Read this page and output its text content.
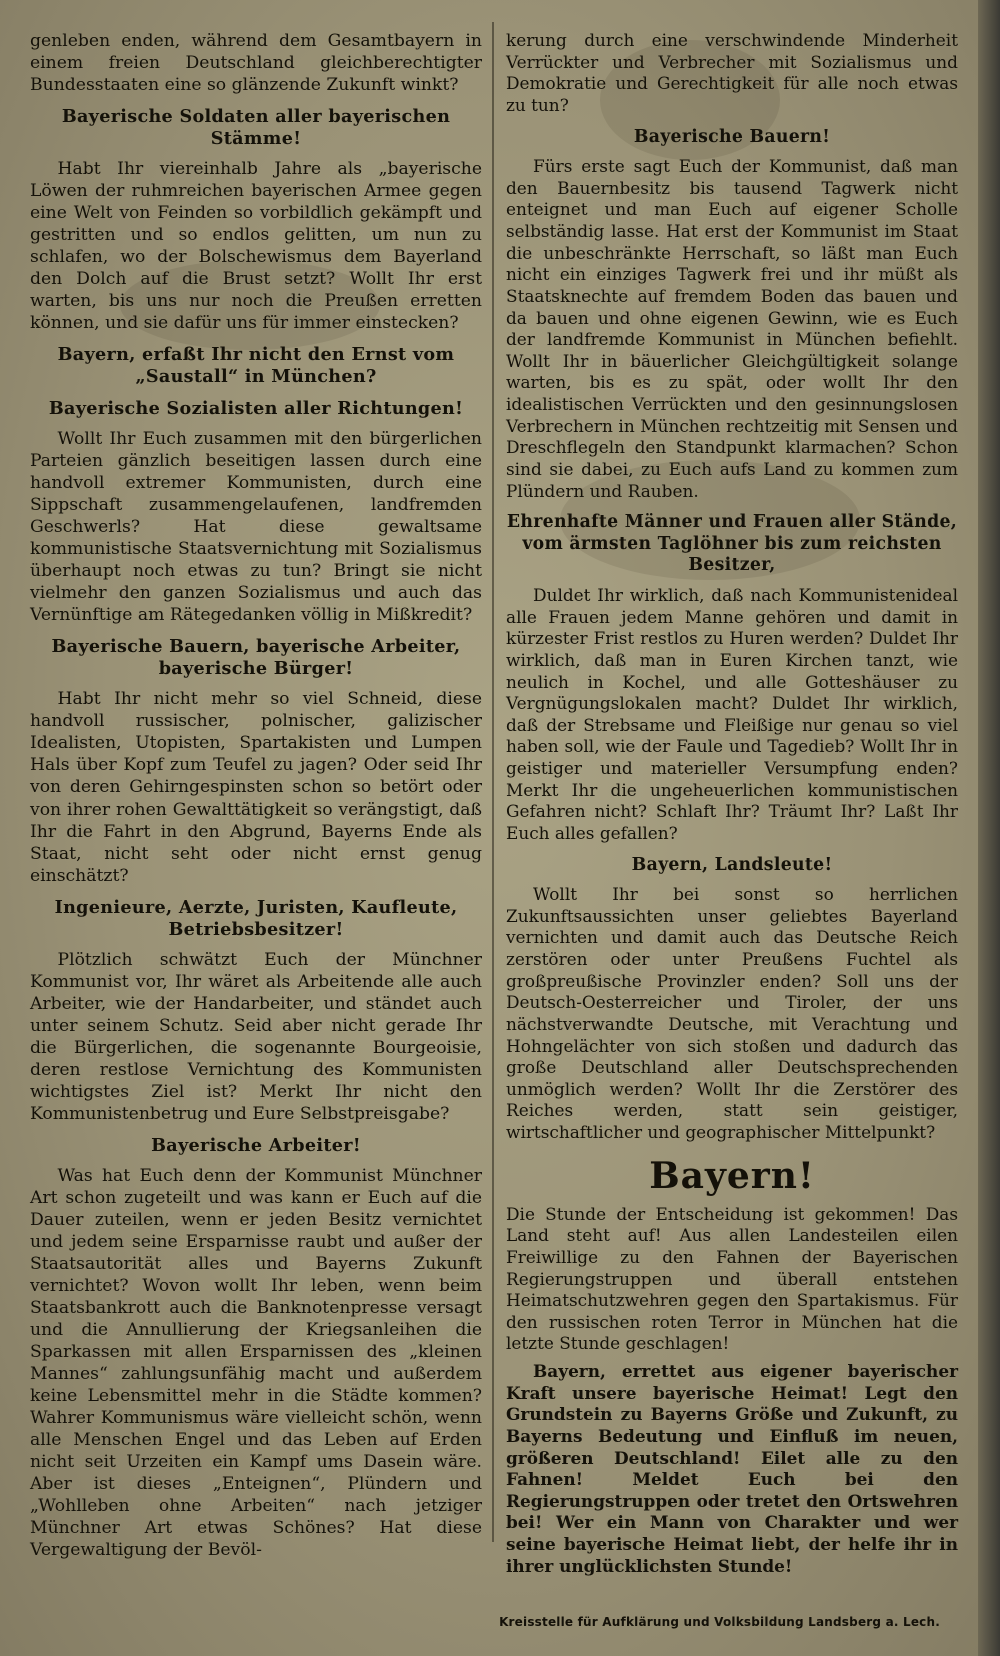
genleben enden, während dem Gesamtbayern in einem freien Deutschland gleichberechtigter Bundesstaaten eine so glänzende Zukunft winkt?

Bayerische Soldaten aller bayerischen Stämme!

Habt Ihr viereinhalb Jahre als „bayerische Löwen der ruhmreichen bayerischen Armee gegen eine Welt von Feinden so vorbildlich gekämpft und gestritten und so endlos gelitten, um nun zu schlafen, wo der Bolschewismus dem Bayerland den Dolch auf die Brust setzt? Wollt Ihr erst warten, bis uns nur noch die Preußen erretten können, und sie dafür uns für immer einstecken?

Bayern, erfaßt Ihr nicht den Ernst vom „Saustall“ in München?
Bayerische Sozialisten aller Richtungen!

Wollt Ihr Euch zusammen mit den bürgerlichen Parteien gänzlich beseitigen lassen durch eine handvoll extremer Kommunisten, durch eine Sippschaft zusammengelaufenen, landfremden Geschwerls? Hat diese gewaltsame kommunistische Staatsvernichtung mit Sozialismus überhaupt noch etwas zu tun? Bringt sie nicht vielmehr den ganzen Sozialismus und auch das Vernünftige am Rätegedanken völlig in Mißkredit?

Bayerische Bauern, bayerische Arbeiter, bayerische Bürger!

Habt Ihr nicht mehr so viel Schneid, diese handvoll russischer, polnischer, galizischer Idealisten, Utopisten, Spartakisten und Lumpen Hals über Kopf zum Teufel zu jagen? Oder seid Ihr von deren Gehirngespinsten schon so betört oder von ihrer rohen Gewalttätigkeit so verängstigt, daß Ihr die Fahrt in den Abgrund, Bayerns Ende als Staat, nicht seht oder nicht ernst genug einschätzt?

Ingenieure, Aerzte, Juristen, Kaufleute, Betriebsbesitzer!

Plötzlich schwätzt Euch der Münchner Kommunist vor, Ihr wäret als Arbeitende alle auch Arbeiter, wie der Handarbeiter, und ständet auch unter seinem Schutz. Seid aber nicht gerade Ihr die Bürgerlichen, die sogenannte Bourgeoisie, deren restlose Vernichtung des Kommunisten wichtigstes Ziel ist? Merkt Ihr nicht den Kommunistenbetrug und Eure Selbstpreisgabe?

Bayerische Arbeiter!

Was hat Euch denn der Kommunist Münchner Art schon zugeteilt und was kann er Euch auf die Dauer zuteilen, wenn er jeden Besitz vernichtet und jedem seine Ersparnisse raubt und außer der Staatsautorität alles und Bayerns Zukunft vernichtet? Wovon wollt Ihr leben, wenn beim Staatsbankrott auch die Banknotenpresse versagt und die Annullierung der Kriegsanleihen die Sparkassen mit allen Ersparnissen des „kleinen Mannes“ zahlungsunfähig macht und außerdem keine Lebensmittel mehr in die Städte kommen? Wahrer Kommunismus wäre vielleicht schön, wenn alle Menschen Engel und das Leben auf Erden nicht seit Urzeiten ein Kampf ums Dasein wäre. Aber ist dieses „Enteignen“, Plündern und „Wohlleben ohne Arbeiten“ nach jetziger Münchner Art etwas Schönes? Hat diese Vergewaltigung der Bevöl-

kerung durch eine verschwindende Minderheit Verrückter und Verbrecher mit Sozialismus und Demokratie und Gerechtigkeit für alle noch etwas zu tun?

Bayerische Bauern!

Fürs erste sagt Euch der Kommunist, daß man den Bauernbesitz bis tausend Tagwerk nicht enteignet und man Euch auf eigener Scholle selbständig lasse. Hat erst der Kommunist im Staat die unbeschränkte Herrschaft, so läßt man Euch nicht ein einziges Tagwerk frei und ihr müßt als Staatsknechte auf fremdem Boden das bauen und da bauen und ohne eigenen Gewinn, wie es Euch der landfremde Kommunist in München befiehlt. Wollt Ihr in bäuerlicher Gleichgültigkeit solange warten, bis es zu spät, oder wollt Ihr den idealistischen Verrückten und den gesinnungslosen Verbrechern in München rechtzeitig mit Sensen und Dreschflegeln den Standpunkt klarmachen? Schon sind sie dabei, zu Euch aufs Land zu kommen zum Plündern und Rauben.

Ehrenhafte Männer und Frauen aller Stände, vom ärmsten Taglöhner bis zum reichsten Besitzer,

Duldet Ihr wirklich, daß nach Kommunistenideal alle Frauen jedem Manne gehören und damit in kürzester Frist restlos zu Huren werden? Duldet Ihr wirklich, daß man in Euren Kirchen tanzt, wie neulich in Kochel, und alle Gotteshäuser zu Vergnügungslokalen macht? Duldet Ihr wirklich, daß der Strebsame und Fleißige nur genau so viel haben soll, wie der Faule und Tagedieb? Wollt Ihr in geistiger und materieller Versumpfung enden? Merkt Ihr die ungeheuerlichen kommunistischen Gefahren nicht? Schlaft Ihr? Träumt Ihr? Laßt Ihr Euch alles gefallen?

Bayern, Landsleute!

Wollt Ihr bei sonst so herrlichen Zukunftsaussichten unser geliebtes Bayerland vernichten und damit auch das Deutsche Reich zerstören oder unter Preußens Fuchtel als großpreußische Provinzler enden? Soll uns der Deutsch-Oesterreicher und Tiroler, der uns nächstverwandte Deutsche, mit Verachtung und Hohngelächter von sich stoßen und dadurch das große Deutschland aller Deutschsprechenden unmöglich werden? Wollt Ihr die Zerstörer des Reiches werden, statt sein geistiger, wirtschaftlicher und geographischer Mittelpunkt?

Bayern!

Die Stunde der Entscheidung ist gekommen! Das Land steht auf! Aus allen Landesteilen eilen Freiwillige zu den Fahnen der Bayerischen Regierungstruppen und überall entstehen Heimatschutzwehren gegen den Spartakismus. Für den russischen roten Terror in München hat die letzte Stunde geschlagen!

Bayern, errettet aus eigener bayerischer Kraft unsere bayerische Heimat! Legt den Grundstein zu Bayerns Größe und Zukunft, zu Bayerns Bedeutung und Einfluß im neuen, größeren Deutschland! Eilet alle zu den Fahnen! Meldet Euch bei den Regierungstruppen oder tretet den Ortswehren bei! Wer ein Mann von Charakter und wer seine bayerische Heimat liebt, der helfe ihr in ihrer unglücklichsten Stunde!

Kreisstelle für Aufklärung und Volksbildung Landsberg a. Lech.
